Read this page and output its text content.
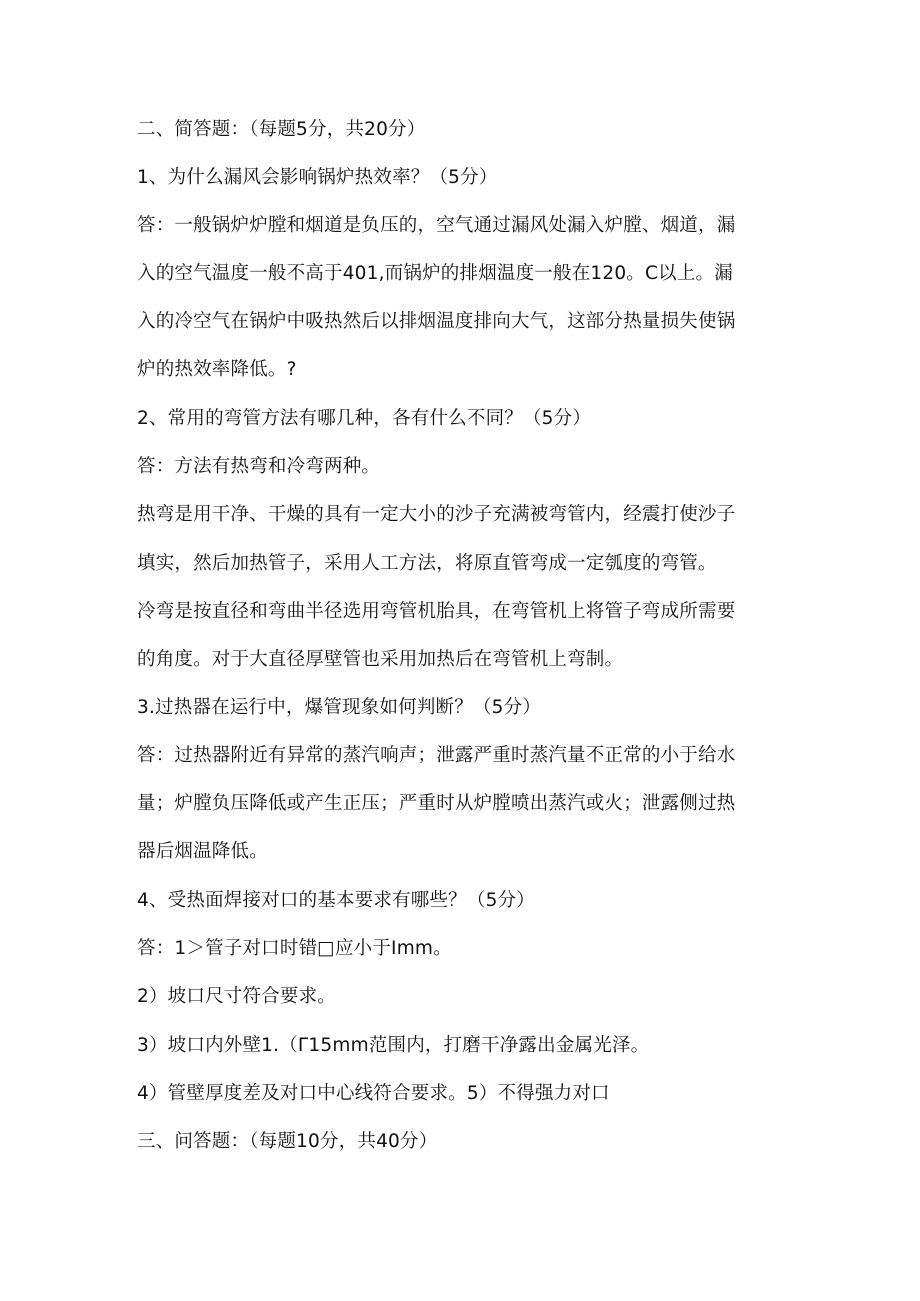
二、简答题：（每题5分，共20分）
1、为什么漏风会影响锅炉热效率？（5分）
答：一般锅炉炉膛和烟道是负压的，空气通过漏风处漏入炉膛、烟道，漏
入的空气温度一般不高于401,而锅炉的排烟温度一般在120。C以上。漏
入的冷空气在锅炉中吸热然后以排烟温度排向大气，这部分热量损失使锅
炉的热效率降低。?
2、常用的弯管方法有哪几种，各有什么不同？（5分）
答：方法有热弯和冷弯两种。
热弯是用干净、干燥的具有一定大小的沙子充满被弯管内，经震打使沙子
填实，然后加热管子，采用人工方法，将原直管弯成一定瓠度的弯管。
冷弯是按直径和弯曲半径选用弯管机胎具，在弯管机上将管子弯成所需要
的角度。对于大直径厚壁管也采用加热后在弯管机上弯制。
3.过热器在运行中，爆管现象如何判断？（5分）
答：过热器附近有异常的蒸汽响声；泄露严重时蒸汽量不正常的小于给水
量；炉膛负压降低或产生正压；严重时从炉膛喷出蒸汽或火；泄露侧过热
器后烟温降低。
4、受热面焊接对口的基本要求有哪些？（5分）
答：1＞管子对口时错□应小于Imm。
2）坡口尺寸符合要求。
3）坡口内外壁1.（Γ15mm范围内，打磨干净露出金属光泽。
4）管壁厚度差及对口中心线符合要求。5）不得强力对口
三、问答题：（每题10分，共40分）
